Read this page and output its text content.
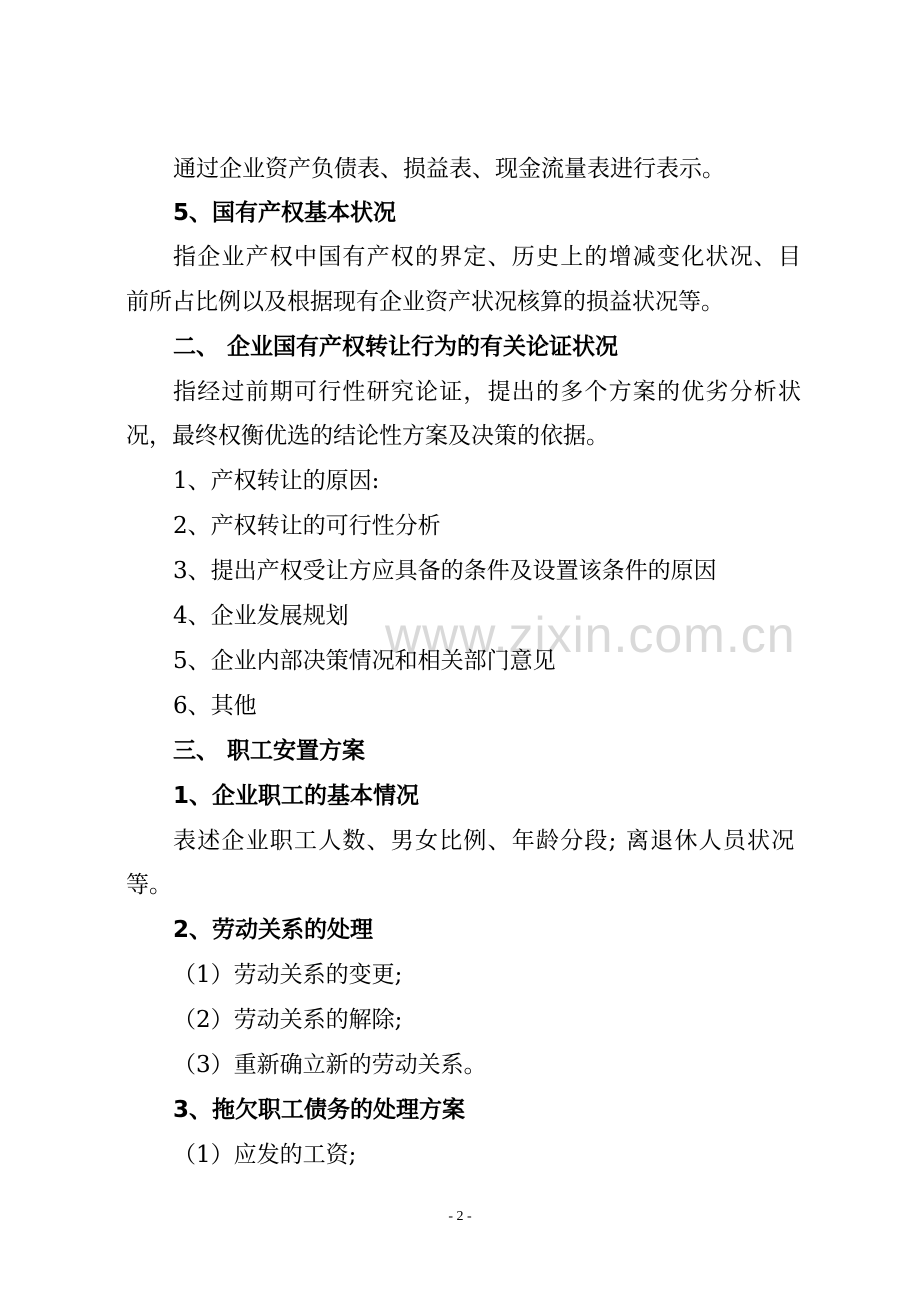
www.zixin.com.cn
通过企业资产负债表、损益表、现金流量表进行表示。
5、国有产权基本状况
指企业产权中国有产权的界定、历史上的增减变化状况、目
前所占比例以及根据现有企业资产状况核算的损益状况等。
二、 企业国有产权转让行为的有关论证状况
指经过前期可行性研究论证，提出的多个方案的优劣分析状
况，最终权衡优选的结论性方案及决策的依据。
1、产权转让的原因:
2、产权转让的可行性分析
3、提出产权受让方应具备的条件及设置该条件的原因
4、企业发展规划
5、企业内部决策情况和相关部门意见
6、其他
三、 职工安置方案
1、企业职工的基本情况
表述企业职工人数、男女比例、年龄分段; 离退休人员状况
等。
2、劳动关系的处理
（1）劳动关系的变更;
（2）劳动关系的解除;
（3）重新确立新的劳动关系。
3、拖欠职工债务的处理方案
（1）应发的工资;
- 2 -
